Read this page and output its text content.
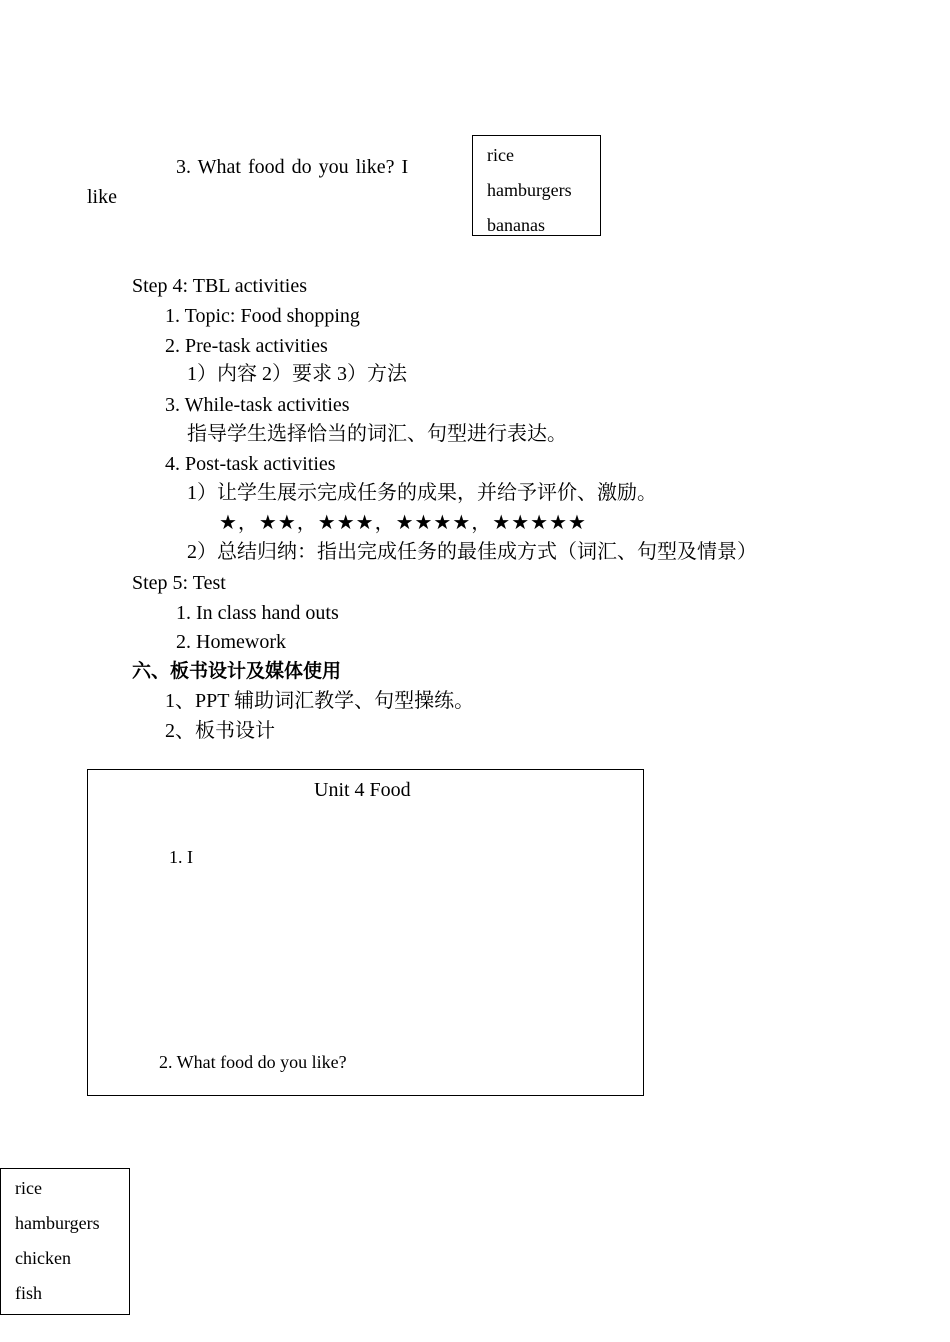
3. What food do you like? I
like
rice
hamburgers
bananas
Step 4: TBL activities
1. Topic: Food shopping
2. Pre-task activities
1）内容 2）要求 3）方法
3. While-task activities
指导学生选择恰当的词汇、句型进行表达。
4. Post-task activities
1）让学生展示完成任务的成果，并给予评价、激励。
★，★★，★★★，★★★★，★★★★★
2）总结归纳：指出完成任务的最佳成方式（词汇、句型及情景）
Step 5: Test
1. In class hand outs
2. Homework
六、板书设计及媒体使用
1、PPT 辅助词汇教学、句型操练。
2、板书设计
Unit 4 Food
1. I
2. What food do you like?
rice
hamburgers
chicken
fish
